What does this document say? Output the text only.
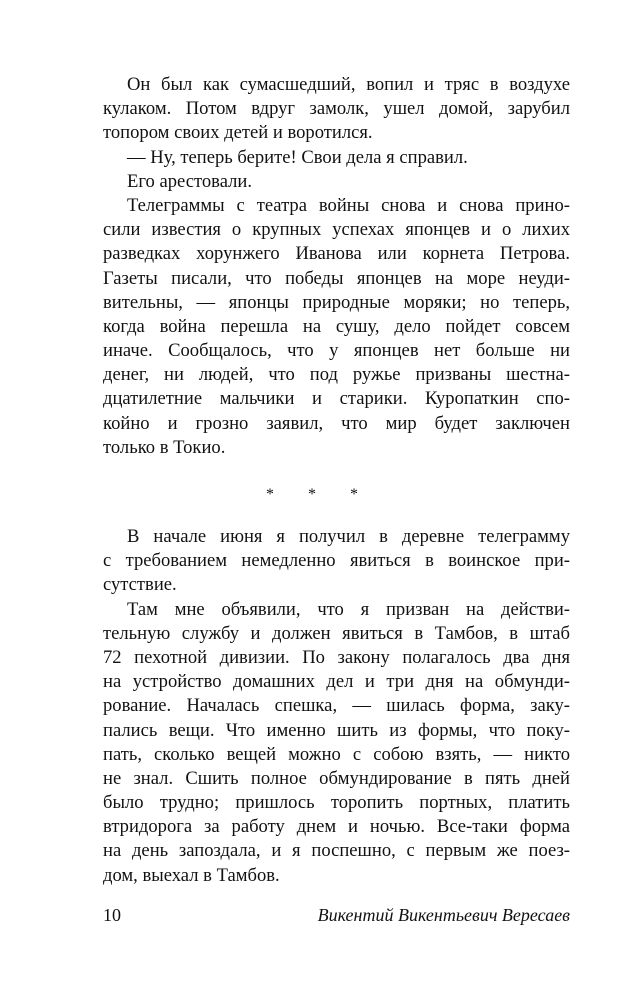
Он был как сумасшедший, вопил и тряс в воздухе
кулаком. Потом вдруг замолк, ушел домой, зарубил
топором своих детей и воротился.
— Ну, теперь берите! Свои дела я справил.
Его арестовали.
Телеграммы с театра войны снова и снова прино-
сили известия о крупных успехах японцев и о лихих
разведках хорунжего Иванова или корнета Петрова.
Газеты писали, что победы японцев на море неуди-
вительны, — японцы природные моряки; но теперь,
когда война перешла на сушу, дело пойдет совсем
иначе. Сообщалось, что у японцев нет больше ни
денег, ни людей, что под ружье призваны шестна-
дцатилетние мальчики и старики. Куропаткин спо-
койно и грозно заявил, что мир будет заключен
только в Токио.
* * *
В начале июня я получил в деревне телеграмму
с требованием немедленно явиться в воинское при-
сутствие.
Там мне объявили, что я призван на действи-
тельную службу и должен явиться в Тамбов, в штаб
72 пехотной дивизии. По закону полагалось два дня
на устройство домашних дел и три дня на обмунди-
рование. Началась спешка, — шилась форма, заку-
пались вещи. Что именно шить из формы, что поку-
пать, сколько вещей можно с собою взять, — никто
не знал. Сшить полное обмундирование в пять дней
было трудно; пришлось торопить портных, платить
втридорога за работу днем и ночью. Все-таки форма
на день запоздала, и я поспешно, с первым же поез-
дом, выехал в Тамбов.
10	Викентий Викентьевич Вересаев
